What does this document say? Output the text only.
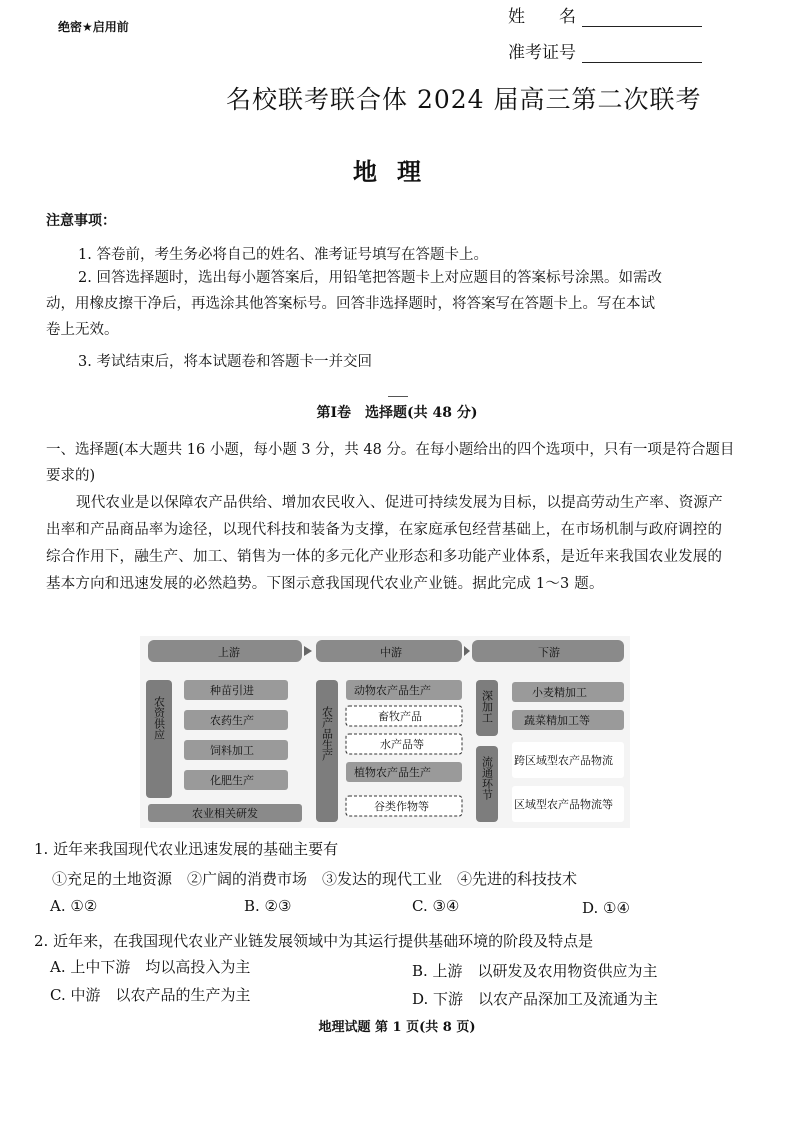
绝密★启用前	姓　　名
准考证号
名校联考联合体 2024 届高三第二次联考
地理
注意事项：
1. 答卷前，考生务必将自己的姓名、准考证号填写在答题卡上。
2. 回答选择题时，选出每小题答案后，用铅笔把答题卡上对应题目的答案标号涂黑。如需改
动，用橡皮擦干净后，再选涂其他答案标号。回答非选择题时，将答案写在答题卡上。写在本试
卷上无效。
3. 考试结束后，将本试题卷和答题卡一并交回
第Ⅰ卷　选择题(共 48 分)
一、选择题(本大题共 16 小题，每小题 3 分，共 48 分。在每小题给出的四个选项中，只有一项是符合题目要求的)
现代农业是以保障农产品供给、增加农民收入、促进可持续发展为目标，以提高劳动生产率、资源产出率和产品商品率为途径，以现代科技和装备为支撑，在家庭承包经营基础上，在市场机制与政府调控的综合作用下，融生产、加工、销售为一体的多元化产业形态和多功能产业体系，是近年来我国农业发展的基本方向和迅速发展的必然趋势。下图示意我国现代农业产业链。据此完成 1～3 题。
上游	中游	下游
农资供应
种苗引进
农药生产
饲料加工
化肥生产
农业相关研发
农产品生产
动物农产品生产
畜牧产品
水产品等
植物农产品生产
谷类作物等
深加工
流通环节
小麦精加工
蔬菜精加工等
跨区域型农产品物流
区域型农产品物流等
1. 近年来我国现代农业迅速发展的基础主要有
①充足的土地资源　②广阔的消费市场　③发达的现代工业　④先进的科技技术
A. ①②	B. ②③	C. ③④	D. ①④
2. 近年来，在我国现代农业产业链发展领域中为其运行提供基础环境的阶段及特点是
A. 上中下游　均以高投入为主	B. 上游　以研发及农用物资供应为主
C. 中游　以农产品的生产为主	D. 下游　以农产品深加工及流通为主
地理试题 第 1 页(共 8 页)
